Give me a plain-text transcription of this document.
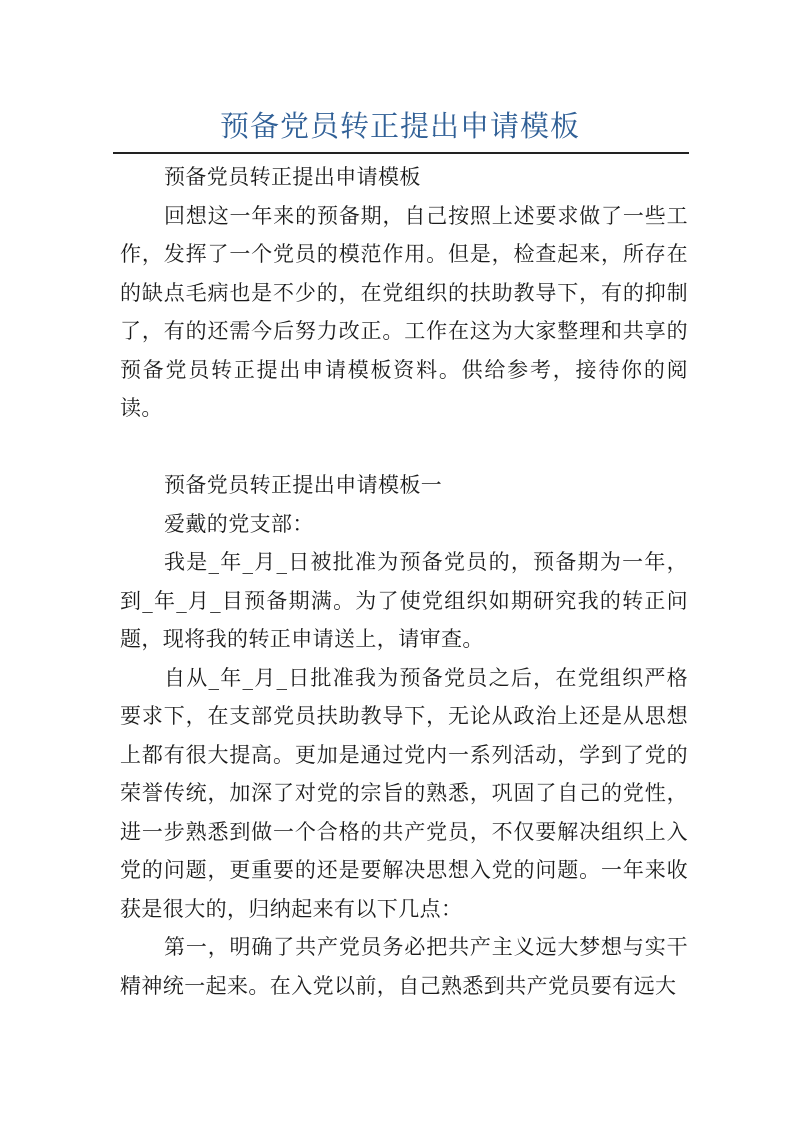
预备党员转正提出申请模板

预备党员转正提出申请模板

回想这一年来的预备期，自己按照上述要求做了一些工作，发挥了一个党员的模范作用。但是，检查起来，所存在的缺点毛病也是不少的，在党组织的扶助教导下，有的抑制了，有的还需今后努力改正。工作在这为大家整理和共享的预备党员转正提出申请模板资料。供给参考，接待你的阅读。

预备党员转正提出申请模板一

爱戴的党支部：

我是_年_月_日被批准为预备党员的，预备期为一年，到_年_月_目预备期满。为了使党组织如期研究我的转正问题，现将我的转正申请送上，请审查。

自从_年_月_日批准我为预备党员之后，在党组织严格要求下，在支部党员扶助教导下，无论从政治上还是从思想上都有很大提高。更加是通过党内一系列活动，学到了党的荣誉传统，加深了对党的宗旨的熟悉，巩固了自己的党性，进一步熟悉到做一个合格的共产党员，不仅要解决组织上入党的问题，更重要的还是要解决思想入党的问题。一年来收获是很大的，归纳起来有以下几点：

第一，明确了共产党员务必把共产主义远大梦想与实干精神统一起来。在入党以前，自己熟悉到共产党员要有远大
